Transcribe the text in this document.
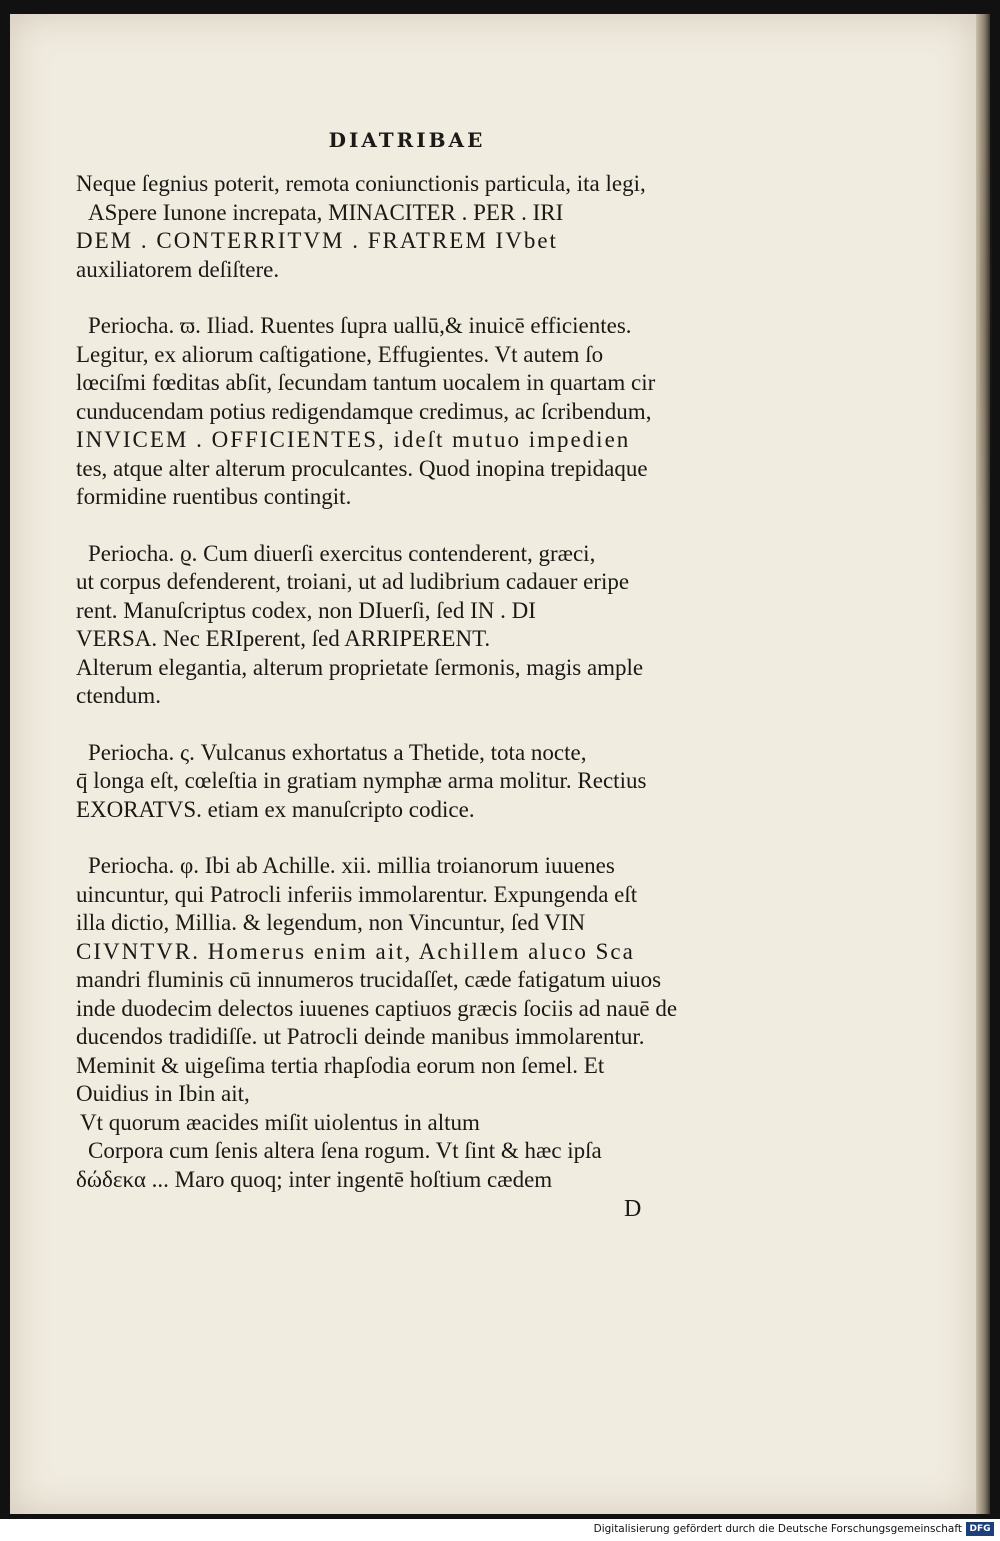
DIATRIBAE
Neque ſegnius poterit, remota coniunctionis particula, ita legi,
ASpere Iunone increpata, MINACITER . PER . IRI
DEM . CONTERRITVM . FRATREM IVbet
auxiliatorem deſiſtere.
Periocha. ϖ. Iliad. Ruentes ſupra uallū,& inuicē efficientes.
Legitur, ex aliorum caſtigatione, Effugientes. Vt autem ſo
lœciſmi fœditas abſit, ſecundam tantum uocalem in quartam cir
cunducendam potius redigendamque credimus, ac ſcribendum,
INVICEM . OFFICIENTES, ideſt mutuo impedien
tes, atque alter alterum proculcantes. Quod inopina trepidaque
formidine ruentibus contingit.
Periocha. ϱ. Cum diuerſi exercitus contenderent, græci,
ut corpus defenderent, troiani, ut ad ludibrium cadauer eripe
rent. Manuſcriptus codex, non DIuerſi, ſed IN . DI
VERSA. Nec ERIperent, ſed ARRIPERENT.
Alterum elegantia, alterum proprietate ſermonis, magis ample
ctendum.
Periocha. ς. Vulcanus exhortatus a Thetide, tota nocte,
q̄ longa eſt, cœleſtia in gratiam nymphæ arma molitur. Rectius
EXORATVS. etiam ex manuſcripto codice.
Periocha. φ. Ibi ab Achille. xii. millia troianorum iuuenes
uincuntur, qui Patrocli inferiis immolarentur. Expungenda eſt
illa dictio, Millia. & legendum, non Vincuntur, ſed VIN
CIVNTVR. Homerus enim ait, Achillem aluco Sca
mandri fluminis cū innumeros trucidaſſet, cæde fatigatum uiuos
inde duodecim delectos iuuenes captiuos græcis ſociis ad nauē de
ducendos tradidiſſe. ut Patrocli deinde manibus immolarentur.
Meminit & uigeſima tertia rhapſodia eorum non ſemel. Et
Ouidius in Ibin ait,
Vt quorum æacides miſit uiolentus in altum
Corpora cum ſenis altera ſena rogum. Vt ſint & hæc ipſa
δώδεκα ... Maro quoq; inter ingentē hoſtium cædem
D
Digitalisierung gefördert durch die Deutsche Forschungsgemeinschaft DFG
